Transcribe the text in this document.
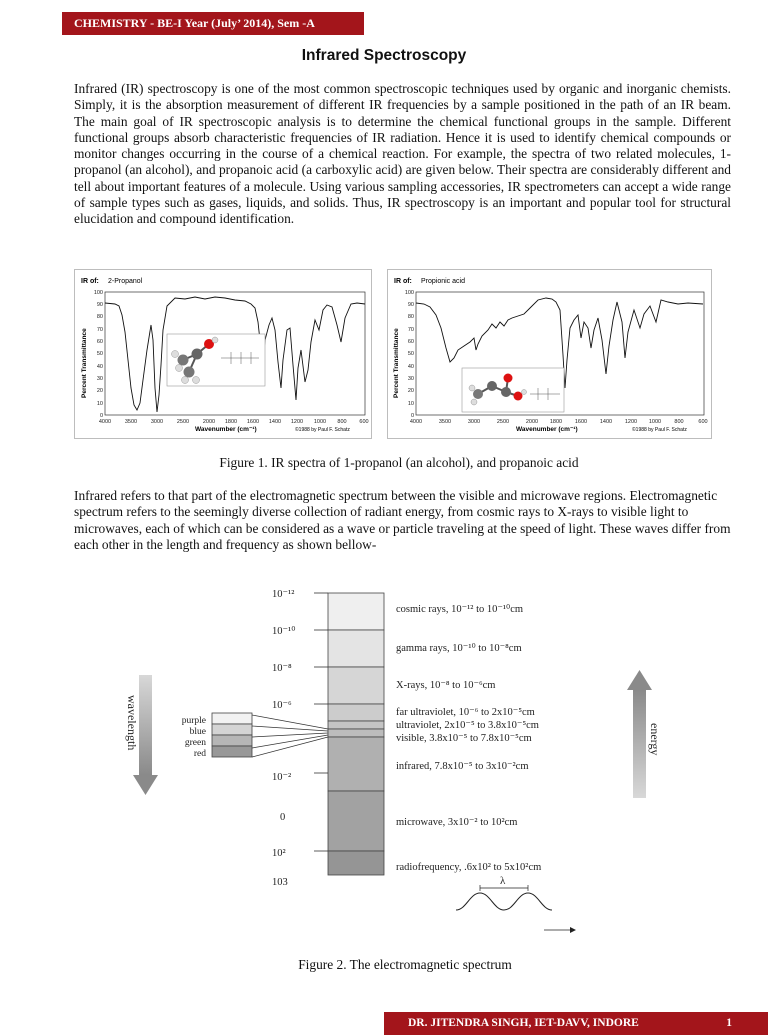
CHEMISTRY - BE-I Year (July’ 2014), Sem -A
Infrared Spectroscopy
Infrared (IR) spectroscopy is one of the most common spectroscopic techniques used by organic and inorganic chemists. Simply, it is the absorption measurement of different IR frequencies by a sample positioned in the path of an IR beam. The main goal of IR spectroscopic analysis is to determine the chemical functional groups in the sample. Different functional groups absorb characteristic frequencies of IR radiation. Hence it is used to identify chemical compounds or monitor changes occurring in the course of a chemical reaction. For example, the spectra of two related molecules, 1-propanol (an alcohol), and propanoic acid (a carboxylic acid) are given below. Their spectra are considerably different and tell about important features of a molecule. Using various sampling accessories, IR spectrometers can accept a wide range of sample types such as gases, liquids, and solids. Thus, IR spectroscopy is an important and popular tool for structural elucidation and compound identification.
IR of: 2-Propanol
100
90
80
70
60
50
40
30
20
10
0
4000	3500	3000	2500	2000 1800 1600 1400 1200 1000 800 600
Wavenumber (cm⁻¹)	©1988 by Paul F. Schatz
Percent Transmittance
IR of: Propionic acid
100
90
80
70
60
50
40
30
20
10
0
4000	3500	3000	2500	2000 1800 1600 1400 1200 1000 800	600
Wavenumber (cm⁻¹)	©1988 by Paul F. Schatz
Percent Transmittance
Figure 1. IR spectra of 1-propanol (an alcohol), and propanoic acid
Infrared refers to that part of the electromagnetic spectrum between the visible and microwave regions. Electromagnetic spectrum refers to the seemingly diverse collection of radiant energy, from cosmic rays to X-rays to visible light to microwaves, each of which can be considered as a wave or particle traveling at the speed of light. These waves differ from each other in the length and frequency as shown bellow-
10⁻¹²
10⁻¹⁰
10⁻⁸
10⁻⁶
10⁻²
0
10²
103
cosmic rays, 10⁻¹² to 10⁻¹⁰cm
gamma rays, 10⁻¹⁰ to 10⁻⁸cm
X-rays, 10⁻⁸ to 10⁻⁶cm
far ultraviolet, 10⁻⁶ to 2x10⁻⁵cm
ultraviolet, 2x10⁻⁵ to 3.8x10⁻⁵cm
visible, 3.8x10⁻⁵ to 7.8x10⁻⁵cm
infrared, 7.8x10⁻⁵ to 3x10⁻²cm
microwave, 3x10⁻² to 10²cm
radiofrequency, .6x10² to 5x10²cm
purple
blue
green
red
wavelength	energy
λ
Figure 2. The electromagnetic spectrum
DR. JITENDRA SINGH, IET-DAVV, INDORE	1
